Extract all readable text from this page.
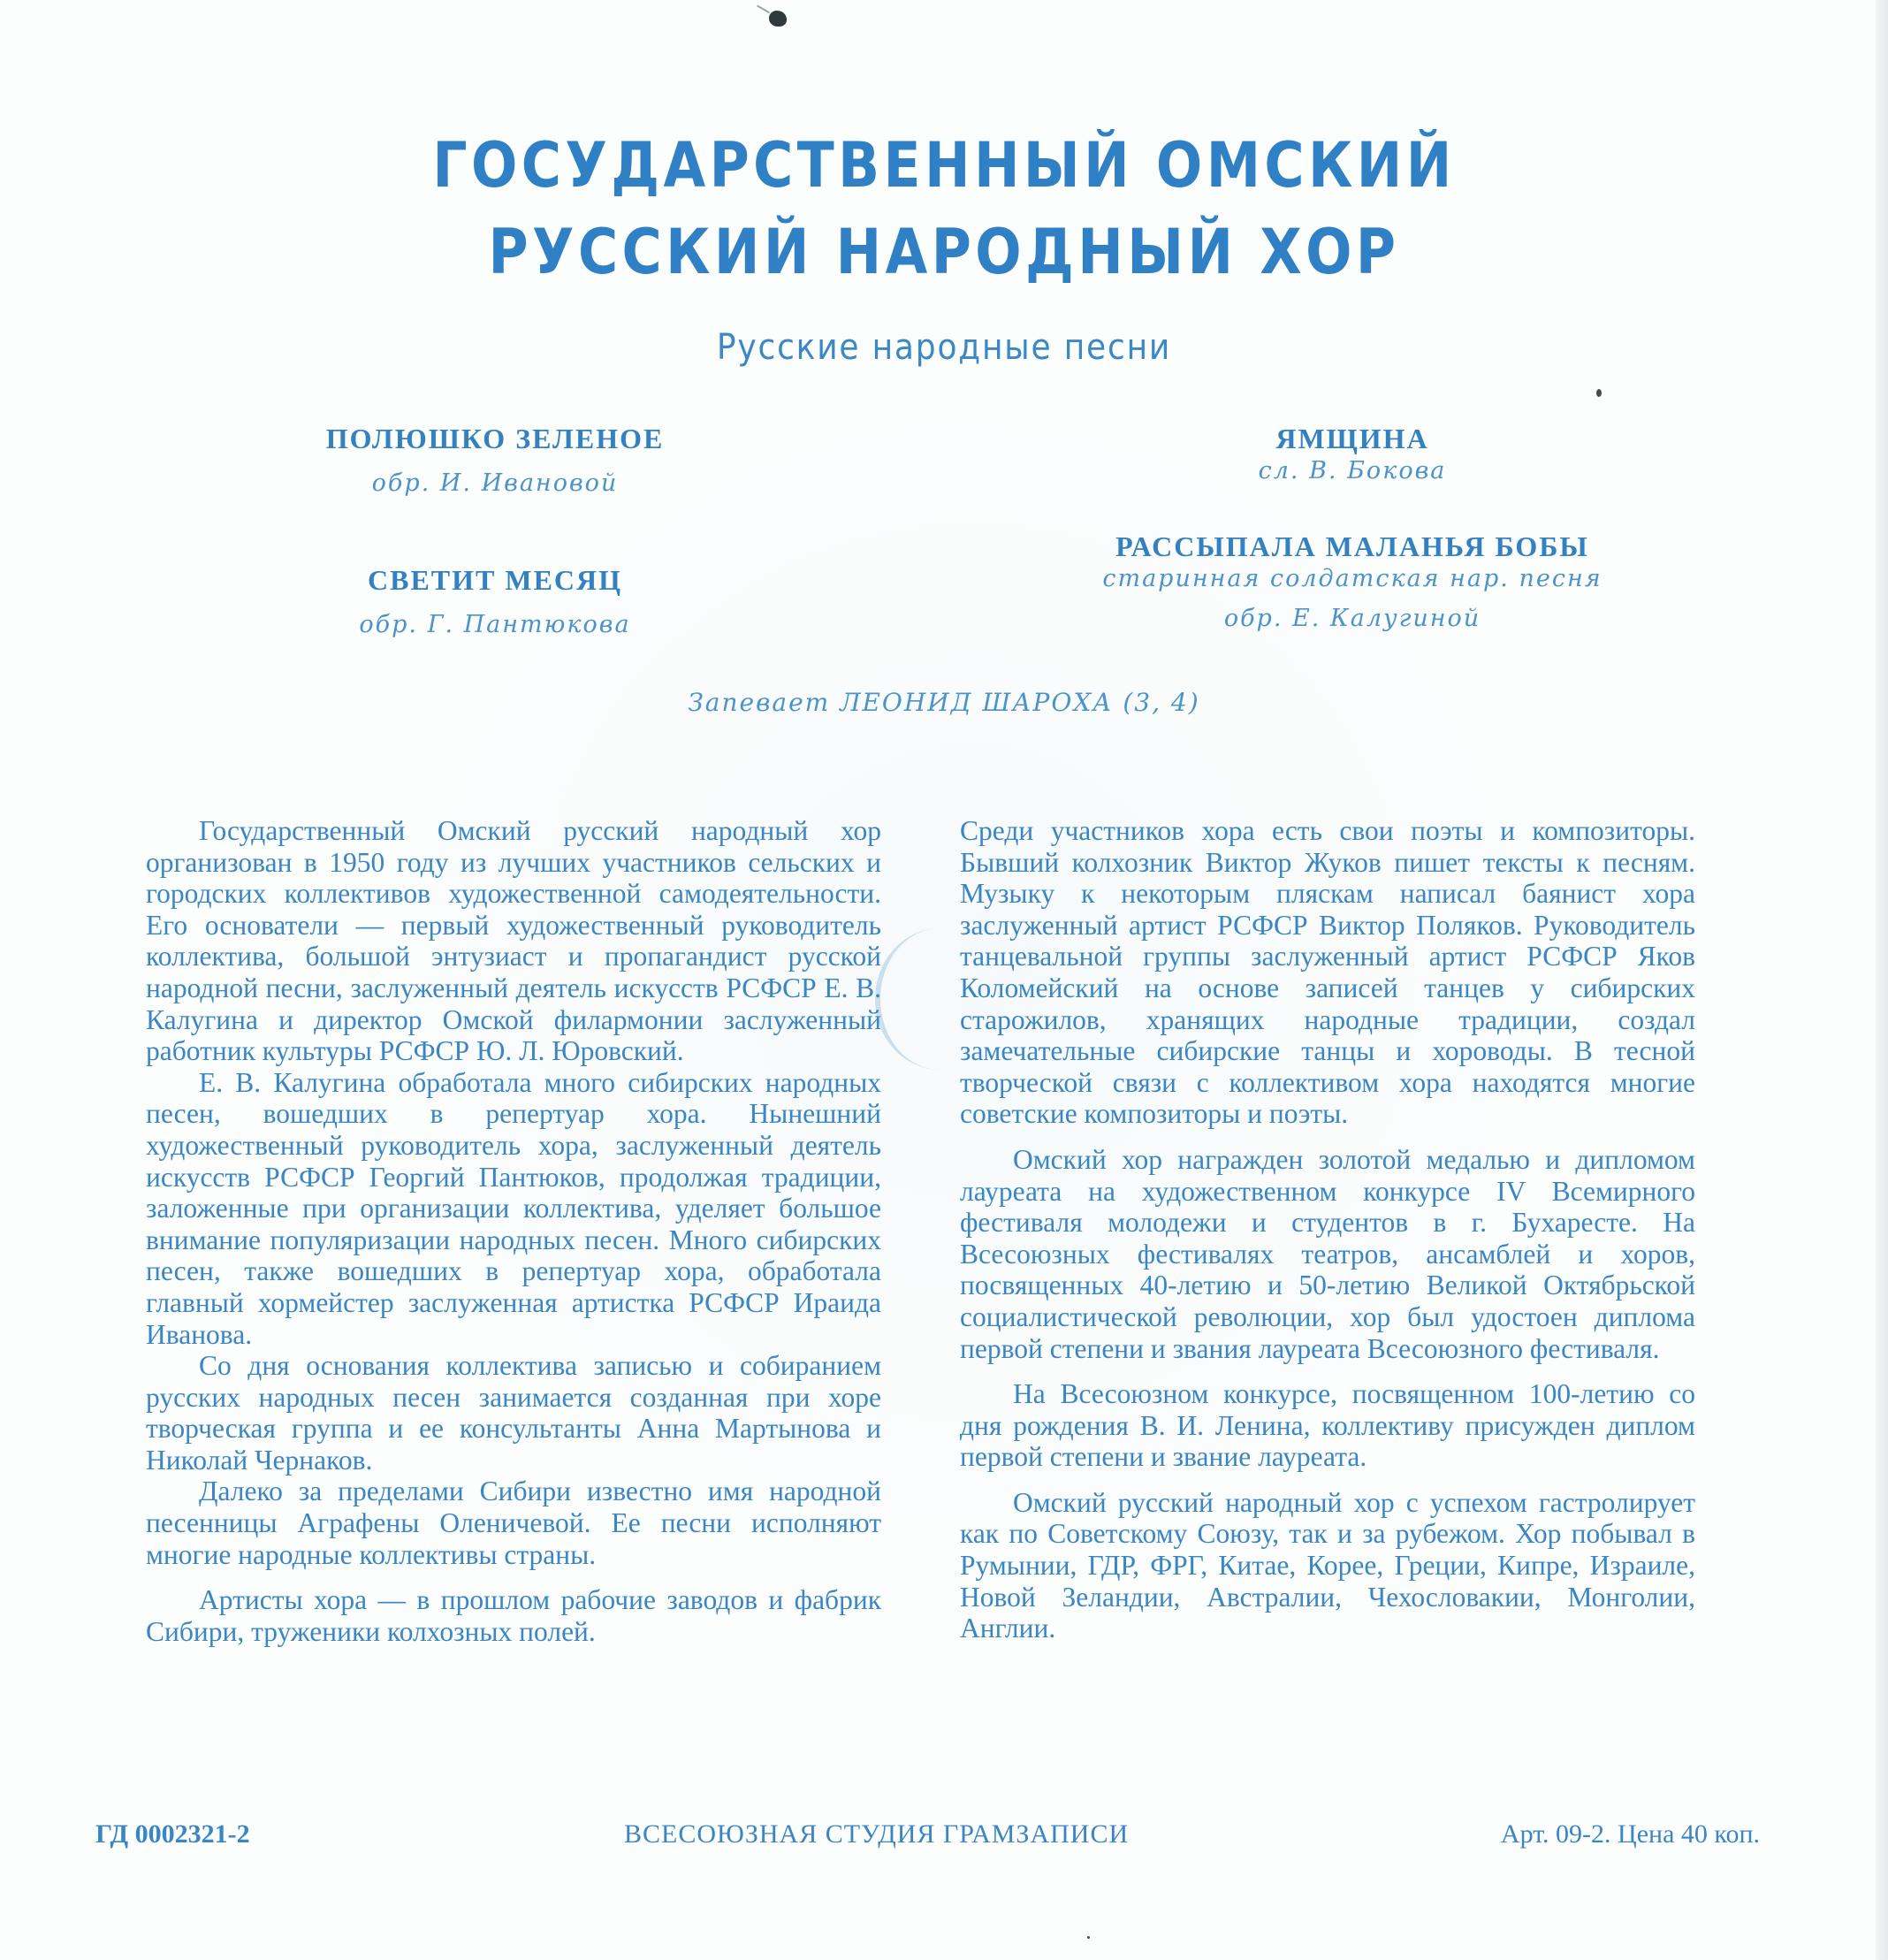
ГОСУДАРСТВЕННЫЙ ОМСКИЙ
РУССКИЙ НАРОДНЫЙ ХОР
Русские народные песни
ПОЛЮШКО ЗЕЛЕНОЕ
обр. И. Ивановой
СВЕТИТ МЕСЯЦ
обр. Г. Пантюкова
ЯМЩИНА
сл. В. Бокова
РАССЫПАЛА МАЛАНЬЯ БОБЫ
старинная солдатская нар. песня
обр. Е. Калугиной
Запевает ЛЕОНИД ШАРОХА (3, 4)

Государственный Омский русский народный хор организован в 1950 году из лучших участников сельских и городских коллективов художественной самодеятельности. Его основатели — первый художественный руководитель коллектива, большой энтузиаст и пропагандист русской народной песни, заслуженный деятель искусств РСФСР Е. В. Калугина и директор Омской филармонии заслуженный работник культуры РСФСР Ю. Л. Юровский.

Е. В. Калугина обработала много сибирских народных песен, вошедших в репертуар хора. Нынешний художественный руководитель хора, заслуженный деятель искусств РСФСР Георгий Пантюков, продолжая традиции, заложенные при организации коллектива, уделяет большое внимание популяризации народных песен. Много сибирских песен, также вошедших в репертуар хора, обработала главный хормейстер заслуженная артистка РСФСР Ираида Иванова.

Со дня основания коллектива записью и собиранием русских народных песен занимается созданная при хоре творческая группа и ее консультанты Анна Мартынова и Николай Чернаков.

Далеко за пределами Сибири известно имя народной песенницы Аграфены Оленичевой. Ее песни исполняют многие народные коллективы страны.

Артисты хора — в прошлом рабочие заводов и фабрик Сибири, труженики колхозных полей.

Среди участников хора есть свои поэты и композиторы. Бывший колхозник Виктор Жуков пишет тексты к песням. Музыку к некоторым пляскам написал баянист хора заслуженный артист РСФСР Виктор Поляков. Руководитель танцевальной группы заслуженный артист РСФСР Яков Коломейский на основе записей танцев у сибирских старожилов, хранящих народные традиции, создал замечательные сибирские танцы и хороводы. В тесной творческой связи с коллективом хора находятся многие советские композиторы и поэты.

Омский хор награжден золотой медалью и дипломом лауреата на художественном конкурсе IV Всемирного фестиваля молодежи и студентов в г. Бухаресте. На Всесоюзных фестивалях театров, ансамблей и хоров, посвященных 40-летию и 50-летию Великой Октябрьской социалистической революции, хор был удостоен диплома первой степени и звания лауреата Всесоюзного фестиваля.

На Всесоюзном конкурсе, посвященном 100-летию со дня рождения В. И. Ленина, коллективу присужден диплом первой степени и звание лауреата.

Омский русский народный хор с успехом гастролирует как по Советскому Союзу, так и за рубежом. Хор побывал в Румынии, ГДР, ФРГ, Китае, Корее, Греции, Кипре, Израиле, Новой Зеландии, Австралии, Чехословакии, Монголии, Англии.

ГД 0002321-2	ВСЕСОЮЗНАЯ СТУДИЯ ГРАМЗАПИСИ	Арт. 09-2. Цена 40 коп.
